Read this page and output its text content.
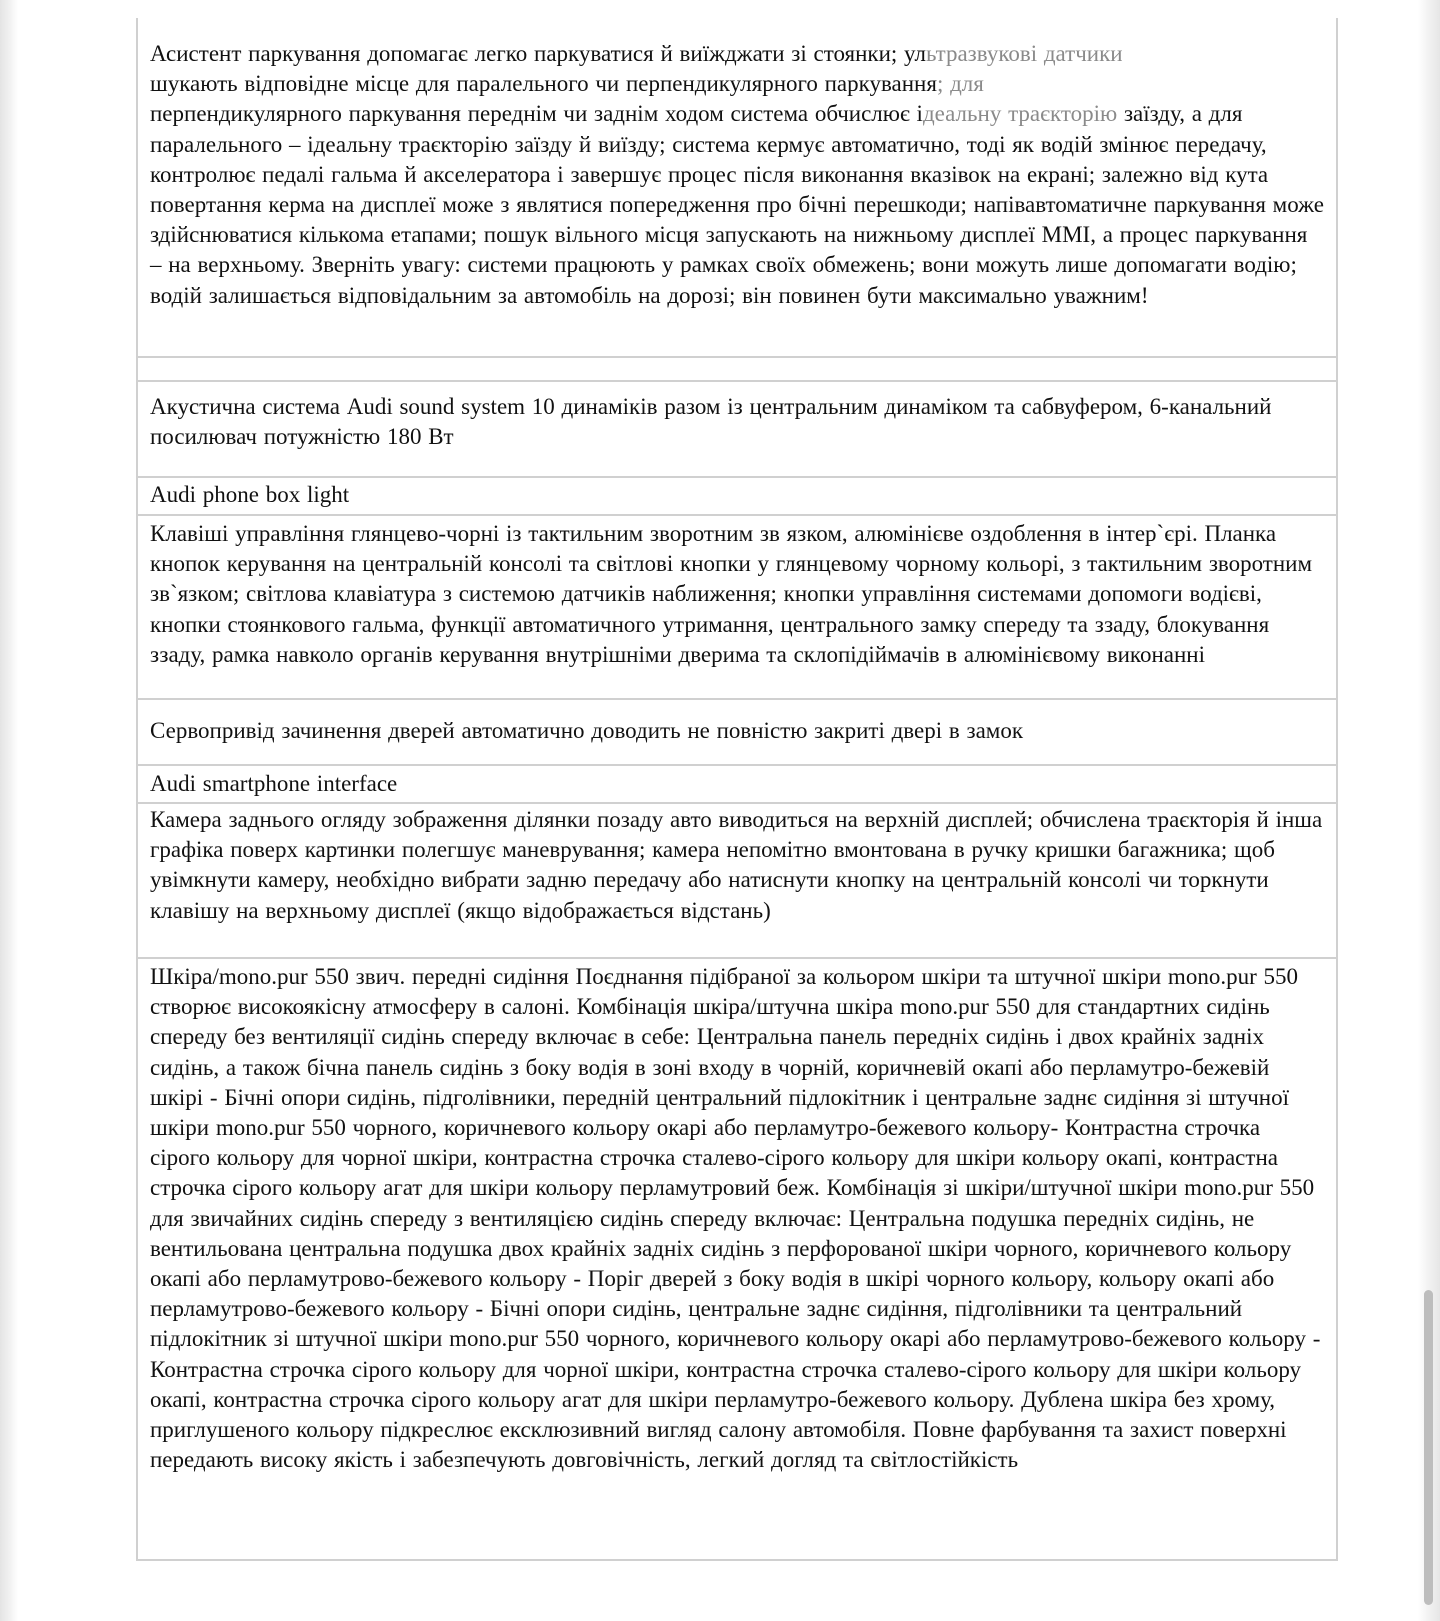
Асистент паркування допомагає легко паркуватися й виїжджати зі стоянки; ультразвукові датчики
шукають відповідне місце для паралельного чи перпендикулярного паркування; для
перпендикулярного паркування переднім чи заднім ходом система обчислює ідеальну траєкторію заїзду, а для паралельного – ідеальну траєкторію заїзду й виїзду; система кермує автоматично, тоді як водій змінює передачу, контролює педалі гальма й акселератора і завершує процес після виконання вказівок на екрані; залежно від кута повертання керма на дисплеї може з являтися попередження про бічні перешкоди; напівавтоматичне паркування може здійснюватися кількома етапами; пошук вільного місця запускають на нижньому дисплеї MMI, а процес паркування – на верхньому. Зверніть увагу: системи працюють у рамках своїх обмежень; вони можуть лише допомагати водію; водій залишається відповідальним за автомобіль на дорозі; він повинен бути максимально уважним!
Акустична система Audi sound system 10 динаміків разом із центральним динаміком та сабвуфером, 6-канальний посилювач потужністю 180 Вт
Audi phone box light
Клавіші управління глянцево-чорні із тактильним зворотним зв язком, алюмінієве оздоблення в інтер`єрі. Планка кнопок керування на центральній консолі та світлові кнопки у глянцевому чорному кольорі, з тактильним зворотним зв`язком; світлова клавіатура з системою датчиків наближення; кнопки управління системами допомоги водієві, кнопки стоянкового гальма, функції автоматичного утримання, центрального замку спереду та ззаду, блокування ззаду, рамка навколо органів керування внутрішніми дверима та склопідіймачів в алюмінієвому виконанні
Сервопривід зачинення дверей автоматично доводить не повністю закриті двері в замок
Audi smartphone interface
Камера заднього огляду зображення ділянки позаду авто виводиться на верхній дисплей; обчислена траєкторія й інша графіка поверх картинки полегшує маневрування; камера непомітно вмонтована в ручку кришки багажника; щоб увімкнути камеру, необхідно вибрати задню передачу або натиснути кнопку на центральній консолі чи торкнути клавішу на верхньому дисплеї (якщо відображається відстань)
Шкіра/mono.pur 550 звич. передні сидіння Поєднання підібраної за кольором шкіри та штучної шкіри mono.pur 550 створює високоякісну атмосферу в салоні. Комбінація шкіра/штучна шкіра mono.pur 550 для стандартних сидінь спереду без вентиляції сидінь спереду включає в себе: Центральна панель передніх сидінь і двох крайніх задніх сидінь, а також бічна панель сидінь з боку водія в зоні входу в чорній, коричневій окапі або перламутро-бежевій шкірі - Бічні опори сидінь, підголівники, передній центральний підлокітник і центральне заднє сидіння зі штучної шкіри mono.pur 550 чорного, коричневого кольору окарі або перламутро-бежевого кольору- Контрастна строчка сірого кольору для чорної шкіри, контрастна строчка сталево-сірого кольору для шкіри кольору окапі, контрастна строчка сірого кольору агат для шкіри кольору перламутровий беж. Комбінація зі шкіри/штучної шкіри mono.pur 550 для звичайних сидінь спереду з вентиляцією сидінь спереду включає: Центральна подушка передніх сидінь, не вентильована центральна подушка двох крайніх задніх сидінь з перфорованої шкіри чорного, коричневого кольору окапі або перламутрово-бежевого кольору - Поріг дверей з боку водія в шкірі чорного кольору, кольору окапі або перламутрово-бежевого кольору - Бічні опори сидінь, центральне заднє сидіння, підголівники та центральний підлокітник зі штучної шкіри mono.pur 550 чорного, коричневого кольору окарі або перламутрово-бежевого кольору - Контрастна строчка сірого кольору для чорної шкіри, контрастна строчка сталево-сірого кольору для шкіри кольору окапі, контрастна строчка сірого кольору агат для шкіри перламутро-бежевого кольору. Дублена шкіра без хрому, приглушеного кольору підкреслює ексклюзивний вигляд салону автомобіля. Повне фарбування та захист поверхні передають високу якість і забезпечують довговічність, легкий догляд та світлостійкість
